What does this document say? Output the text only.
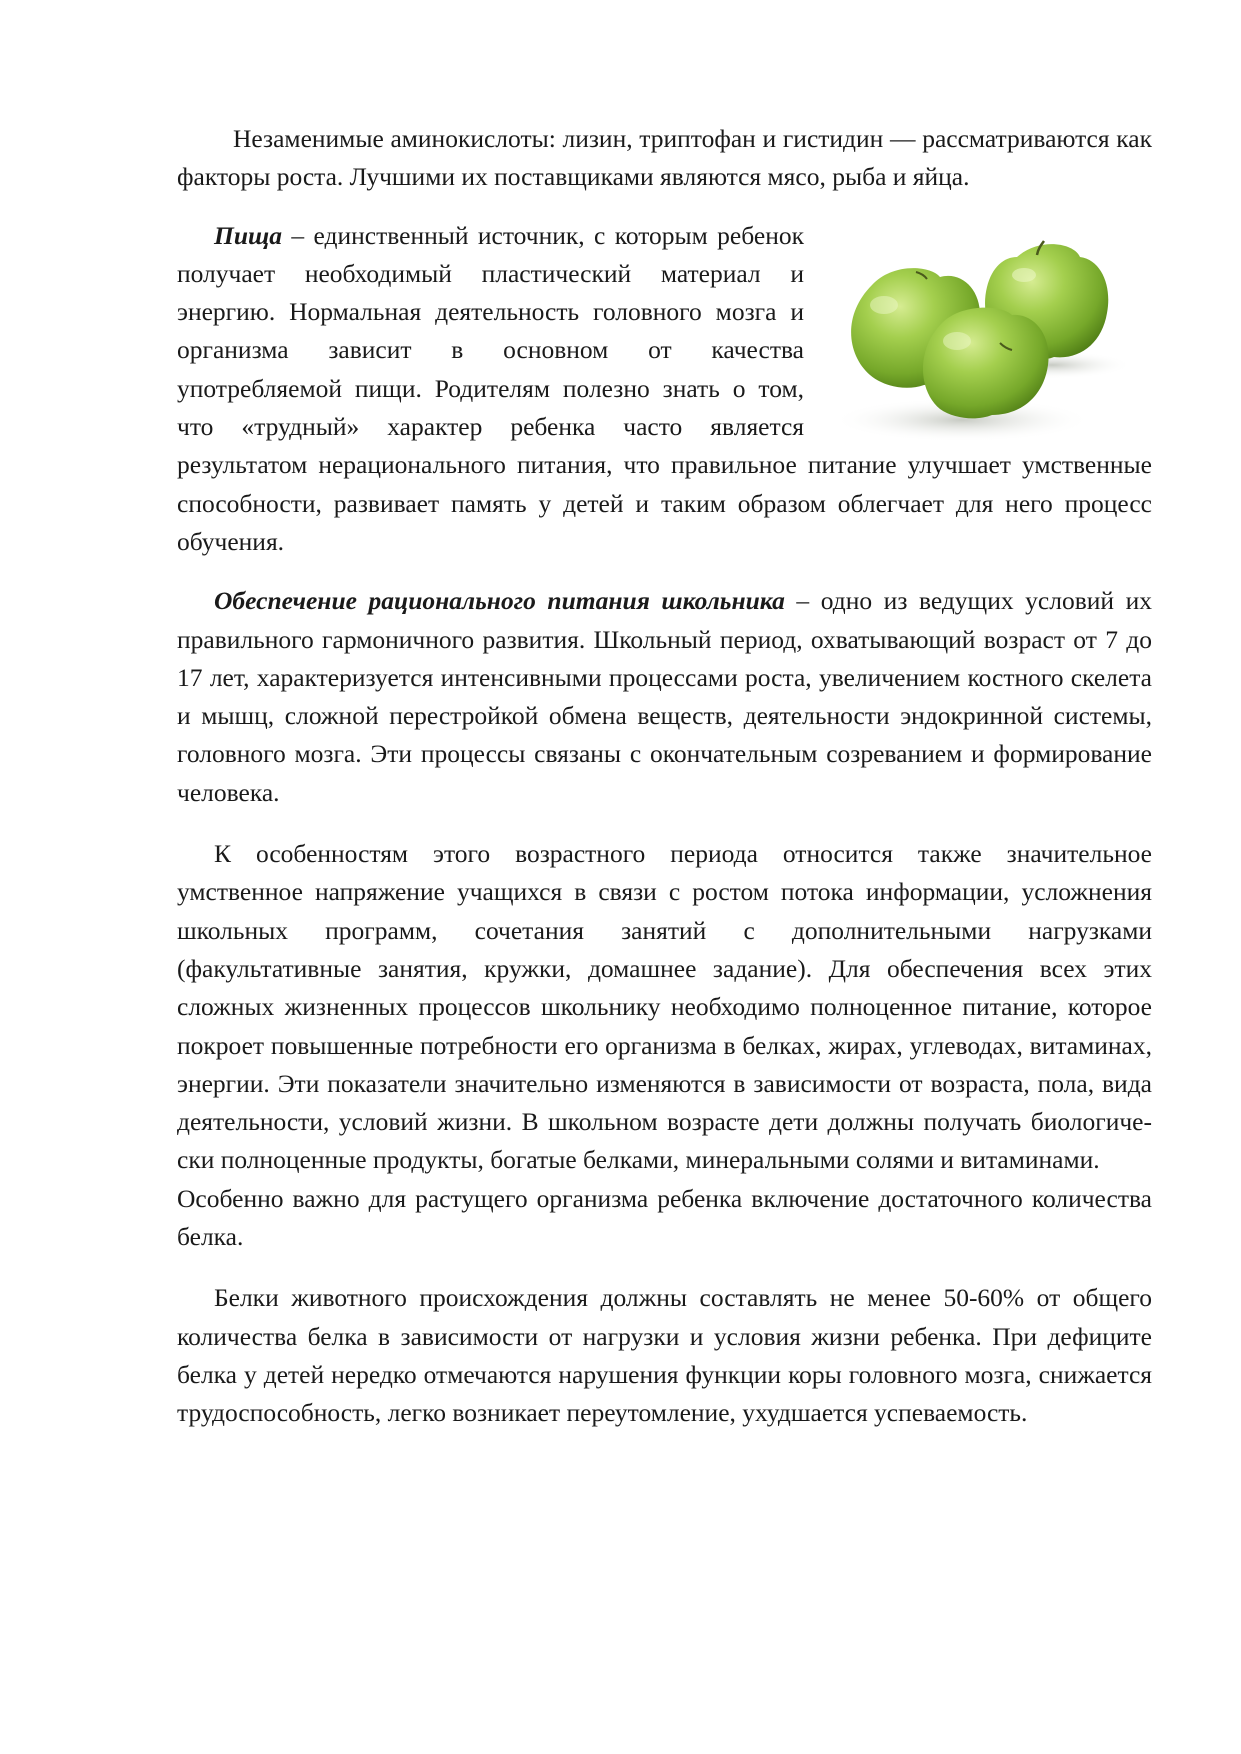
Незаменимые аминокислоты: лизин, триптофан и гистидин — рассматриваются как факторы роста. Лучшими их поставщиками являются мясо, рыба и яйца.

Пища – единственный источник, с которым ребенок получает необходимый пластический материал и энергию. Нормальная деятельность головного мозга и организма зависит в основном от качества употребляемой пищи. Родителям полезно знать о том, что «трудный» характер ребенка часто является результатом нерационального питания, что правильное питание улучшает умственные способности, развивает память у детей и таким образом облегчает для него процесс обучения.

Обеспечение рационального питания школьника – одно из ведущих условий их правильного гармоничного развития. Школьный период, охватывающий возраст от 7 до 17 лет, характеризуется интенсивными процессами роста, увеличением костного скелета и мышц, сложной перестройкой обмена веществ, деятельности эндокринной системы, головного мозга. Эти процессы связаны с окончательным созреванием и формирование человека.

К особенностям этого возрастного периода относится также значительное умственное напряжение учащихся в связи с ростом потока информации, усложнения школьных программ, сочетания занятий с дополнительными нагрузками (факультативные занятия, кружки, домашнее задание). Для обеспечения всех этих сложных жизненных процессов школьнику необходимо полноценное питание, которое покроет повышенные потребности его организма в белках, жирах, углеводах, витаминах, энергии. Эти показатели значительно изменяются в зависимости от возраста, пола, вида деятельности, условий жизни. В школьном возрасте дети должны получать биологически полноценные продукты, богатые белками, минеральными солями и витаминами.

Особенно важно для растущего организма ребенка включение достаточного количества белка.

Белки животного происхождения должны составлять не менее 50-60% от общего количества белка в зависимости от нагрузки и условия жизни ребенка. При дефиците белка у детей нередко отмечаются нарушения функции коры головного мозга, снижается трудоспособность, легко возникает переутомление, ухудшается успеваемость.
